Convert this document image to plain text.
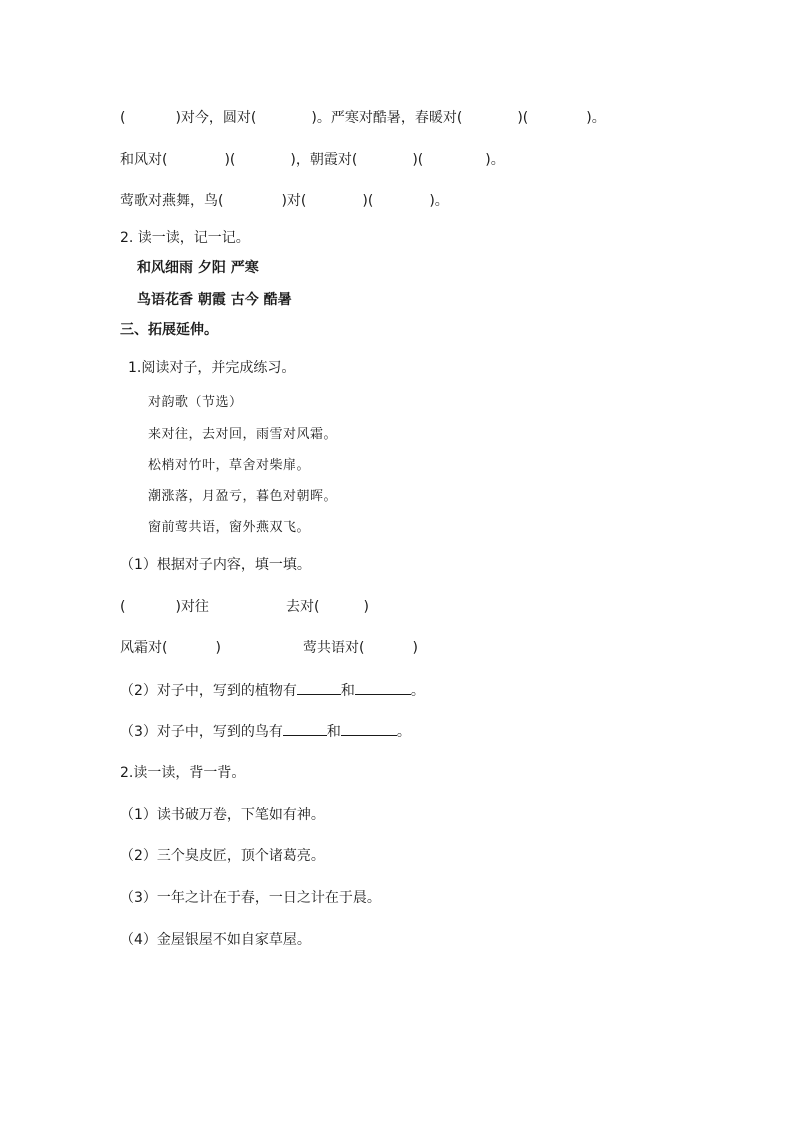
(	)对今，圆对(	)。严寒对酷暑，春暖对(	)(	)。
和风对(	)(	)，朝霞对(	)(	)。
莺歌对燕舞，鸟(	)对(	)(	)。
2. 读一读，记一记。
和风细雨 夕阳 严寒
鸟语花香 朝霞 古今 酷暑
三、拓展延伸。
1.阅读对子，并完成练习。
对韵歌（节选）
来对往，去对回，雨雪对风霜。
松梢对竹叶，草舍对柴扉。
潮涨落，月盈亏，暮色对朝晖。
窗前莺共语，窗外燕双飞。
（1）根据对子内容，填一填。
(	)对往	去对(	)
风霜对(	)	莺共语对(	)
（2）对子中，写到的植物有	和	。
（3）对子中，写到的鸟有	和	。
2.读一读，背一背。
（1）读书破万卷，下笔如有神。
（2）三个臭皮匠，顶个诸葛亮。
（3）一年之计在于春，一日之计在于晨。
（4）金屋银屋不如自家草屋。
